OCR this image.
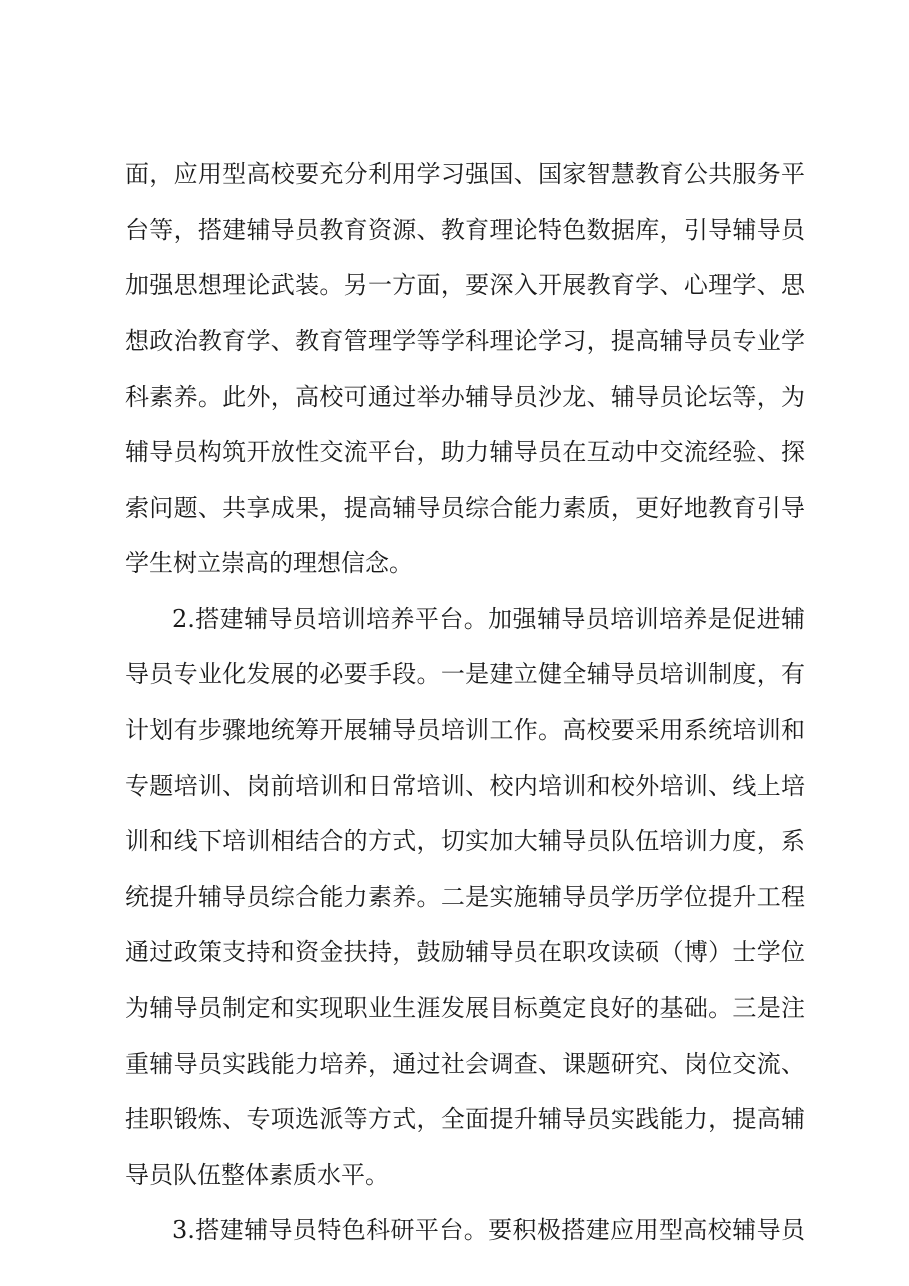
面，应用型高校要充分利用学习强国、国家智慧教育公共服务平
台等，搭建辅导员教育资源、教育理论特色数据库，引导辅导员
加强思想理论武装。另一方面，要深入开展教育学、心理学、思
想政治教育学、教育管理学等学科理论学习，提高辅导员专业学
科素养。此外，高校可通过举办辅导员沙龙、辅导员论坛等，为
辅导员构筑开放性交流平台，助力辅导员在互动中交流经验、探
索问题、共享成果，提高辅导员综合能力素质，更好地教育引导
学生树立崇高的理想信念。
2.搭建辅导员培训培养平台。加强辅导员培训培养是促进辅
导员专业化发展的必要手段。一是建立健全辅导员培训制度，有
计划有步骤地统筹开展辅导员培训工作。高校要采用系统培训和
专题培训、岗前培训和日常培训、校内培训和校外培训、线上培
训和线下培训相结合的方式，切实加大辅导员队伍培训力度，系
统提升辅导员综合能力素养。二是实施辅导员学历学位提升工程
通过政策支持和资金扶持，鼓励辅导员在职攻读硕（博）士学位
为辅导员制定和实现职业生涯发展目标奠定良好的基础。三是注
重辅导员实践能力培养，通过社会调查、课题研究、岗位交流、
挂职锻炼、专项选派等方式，全面提升辅导员实践能力，提高辅
导员队伍整体素质水平。
3.搭建辅导员特色科研平台。要积极搭建应用型高校辅导员
